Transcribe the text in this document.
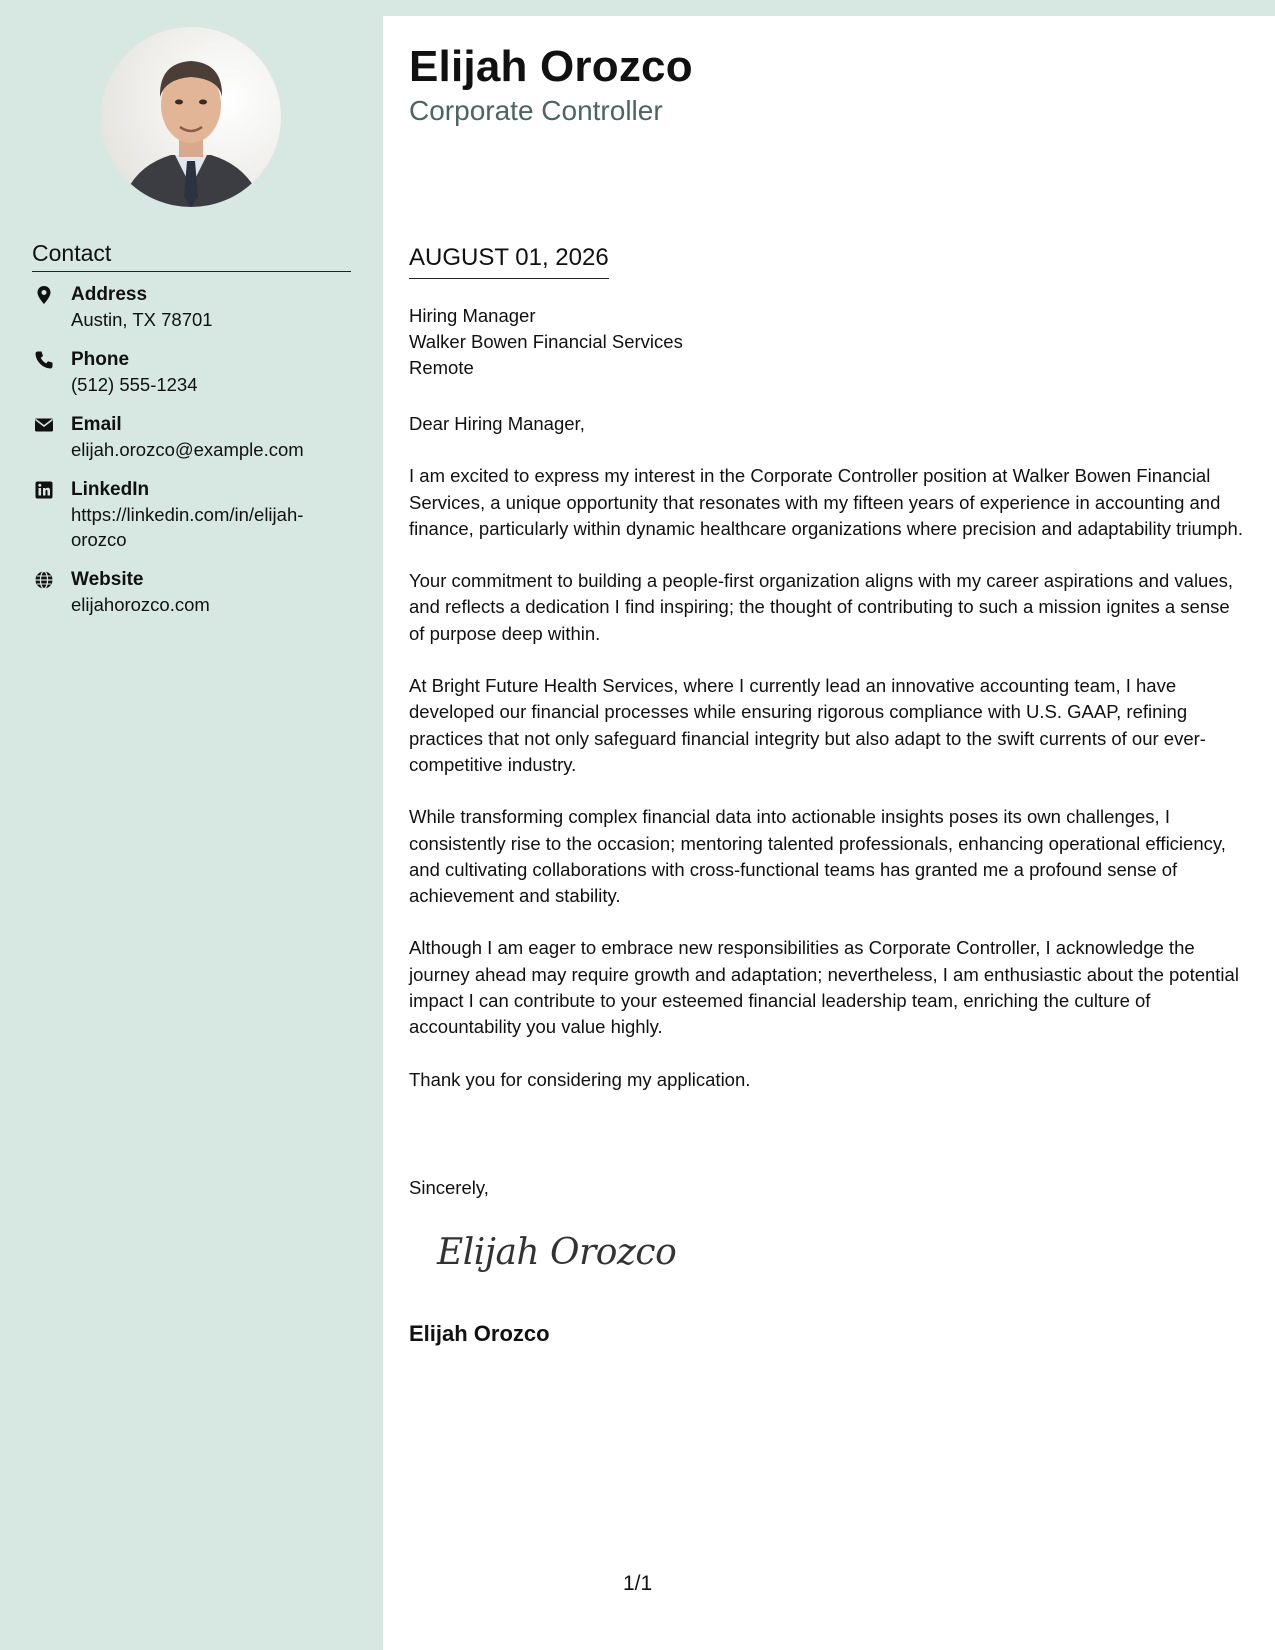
Contact
Address
Austin, TX 78701
Phone
(512) 555-1234
Email
elijah.orozco@example.com
LinkedIn
https://linkedin.com/in/elijah-orozco
Website
elijahorozco.com
Elijah Orozco
Corporate Controller
AUGUST 01, 2026
Hiring Manager
Walker Bowen Financial Services
Remote

Dear Hiring Manager,

I am excited to express my interest in the Corporate Controller position at Walker Bowen Financial Services, a unique opportunity that resonates with my fifteen years of experience in accounting and finance, particularly within dynamic healthcare organizations where precision and adaptability triumph.

Your commitment to building a people-first organization aligns with my career aspirations and values, and reflects a dedication I find inspiring; the thought of contributing to such a mission ignites a sense of purpose deep within.

At Bright Future Health Services, where I currently lead an innovative accounting team, I have developed our financial processes while ensuring rigorous compliance with U.S. GAAP, refining practices that not only safeguard financial integrity but also adapt to the swift currents of our ever-competitive industry.

While transforming complex financial data into actionable insights poses its own challenges, I consistently rise to the occasion; mentoring talented professionals, enhancing operational efficiency, and cultivating collaborations with cross-functional teams has granted me a profound sense of achievement and stability.

Although I am eager to embrace new responsibilities as Corporate Controller, I acknowledge the journey ahead may require growth and adaptation; nevertheless, I am enthusiastic about the potential impact I can contribute to your esteemed financial leadership team, enriching the culture of accountability you value highly.

Thank you for considering my application.

Sincerely,
Elijah Orozco
Elijah Orozco
1/1
